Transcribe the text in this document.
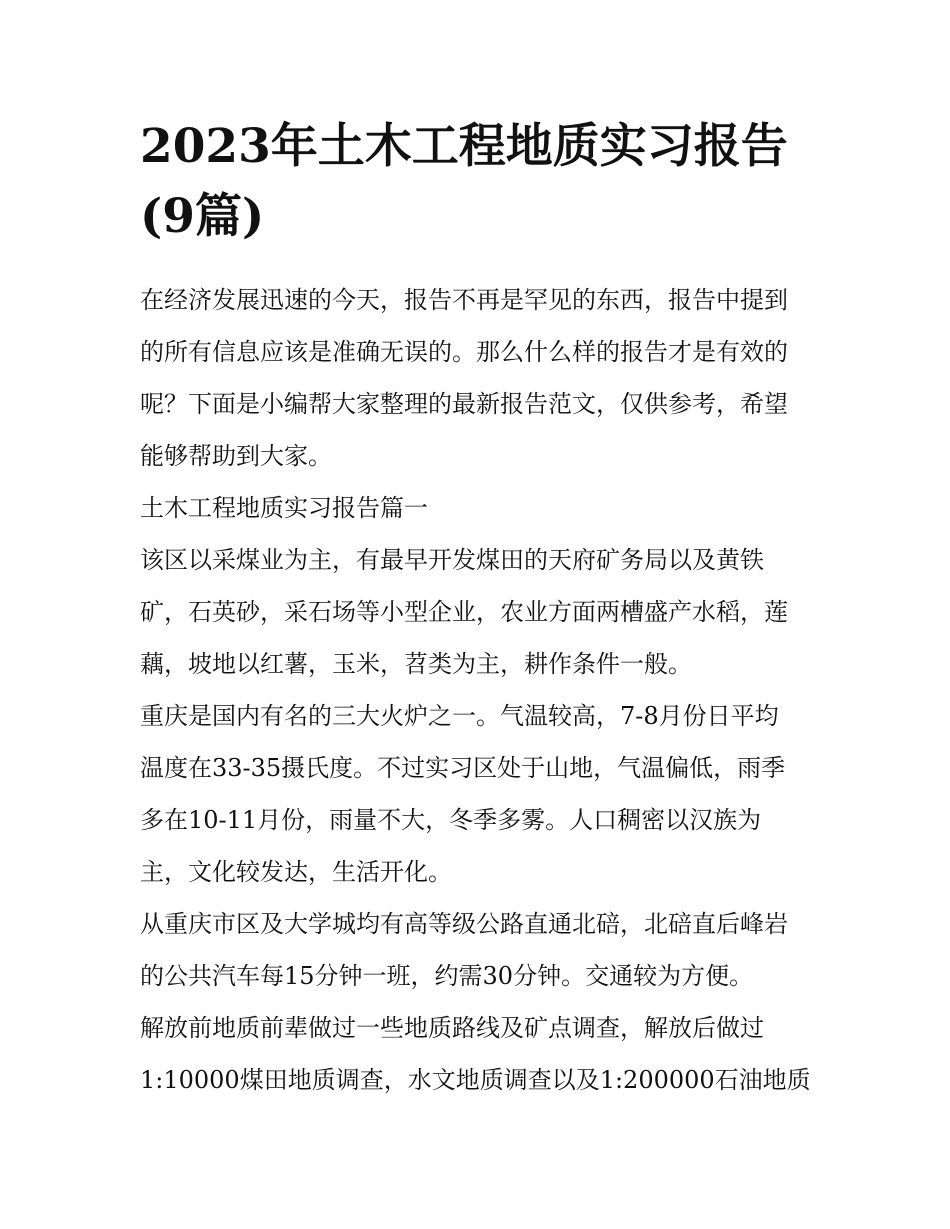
2023年土木工程地质实习报告
(9篇)

在经济发展迅速的今天，报告不再是罕见的东西，报告中提到

的所有信息应该是准确无误的。那么什么样的报告才是有效的

呢？下面是小编帮大家整理的最新报告范文，仅供参考，希望

能够帮助到大家。

土木工程地质实习报告篇一

该区以采煤业为主，有最早开发煤田的天府矿务局以及黄铁

矿，石英砂，采石场等小型企业，农业方面两槽盛产水稻，莲

藕，坡地以红薯，玉米，苕类为主，耕作条件一般。

重庆是国内有名的三大火炉之一。气温较高，7-8月份日平均

温度在33-35摄氏度。不过实习区处于山地，气温偏低，雨季

多在10-11月份，雨量不大，冬季多雾。人口稠密以汉族为

主，文化较发达，生活开化。

从重庆市区及大学城均有高等级公路直通北碚，北碚直后峰岩

的公共汽车每15分钟一班，约需30分钟。交通较为方便。

解放前地质前辈做过一些地质路线及矿点调查，解放后做过

1:10000煤田地质调查，水文地质调查以及1:200000石油地质
